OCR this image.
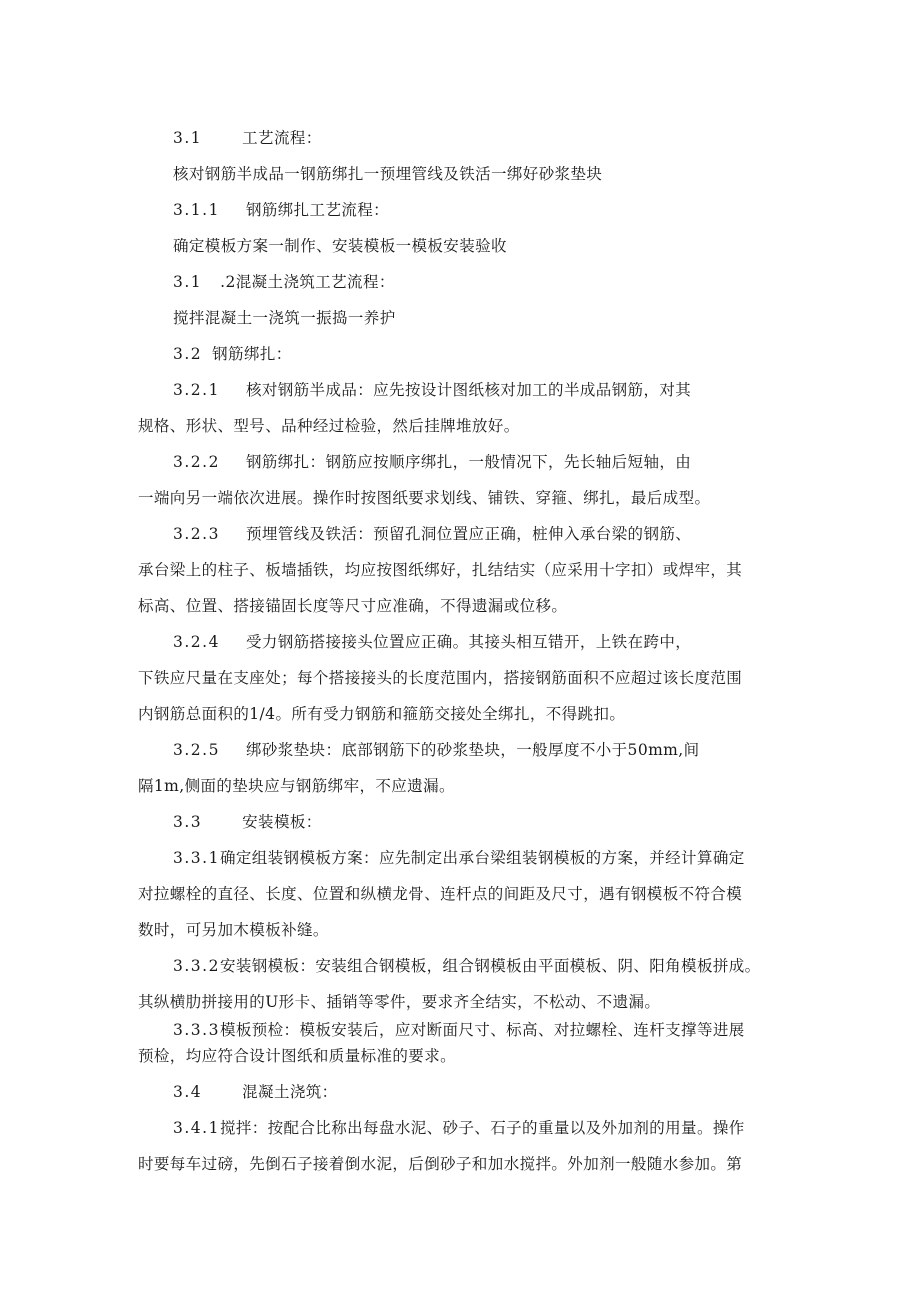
3.1	工艺流程：
核对钢筋半成品一钢筋绑扎一预埋管线及铁活一绑好砂浆垫块
3.1.1 钢筋绑扎工艺流程：
确定模板方案一制作、安装模板一模板安装验收
3.1 .2混凝土浇筑工艺流程：
搅拌混凝土一浇筑一振捣一养护
3.2 钢筋绑扎：
3.2.1 核对钢筋半成品：应先按设计图纸核对加工的半成品钢筋，对其
规格、形状、型号、品种经过检验，然后挂牌堆放好。
3.2.2 钢筋绑扎：钢筋应按顺序绑扎，一般情况下，先长轴后短轴，由
一端向另一端依次进展。操作时按图纸要求划线、铺铁、穿箍、绑扎，最后成型。
3.2.3 预埋管线及铁活：预留孔洞位置应正确，桩伸入承台梁的钢筋、
承台梁上的柱子、板墙插铁，均应按图纸绑好，扎结结实（应采用十字扣）或焊牢，其
标高、位置、搭接锚固长度等尺寸应准确，不得遗漏或位移。
3.2.4 受力钢筋搭接接头位置应正确。其接头相互错开，上铁在跨中，
下铁应尺量在支座处；每个搭接接头的长度范围内，搭接钢筋面积不应超过该长度范围
内钢筋总面积的1/4。所有受力钢筋和箍筋交接处全绑扎，不得跳扣。
3.2.5 绑砂浆垫块：底部钢筋下的砂浆垫块，一般厚度不小于50mm,间
隔1m,侧面的垫块应与钢筋绑牢，不应遗漏。
3.3	安装模板：
3.3.1确定组装钢模板方案：应先制定出承台梁组装钢模板的方案，并经计算确定
对拉螺栓的直径、长度、位置和纵横龙骨、连杆点的间距及尺寸，遇有钢模板不符合模
数时，可另加木模板补缝。
3.3.2安装钢模板：安装组合钢模板，组合钢模板由平面模板、阴、阳角模板拼成。
其纵横肋拼接用的U形卡、插销等零件，要求齐全结实，不松动、不遗漏。
3.3.3模板预检：模板安装后，应对断面尺寸、标高、对拉螺栓、连杆支撑等进展
预检，均应符合设计图纸和质量标准的要求。
3.4	混凝土浇筑：
3.4.1搅拌：按配合比称出每盘水泥、砂子、石子的重量以及外加剂的用量。操作
时要每车过磅，先倒石子接着倒水泥，后倒砂子和加水搅拌。外加剂一般随水参加。第
